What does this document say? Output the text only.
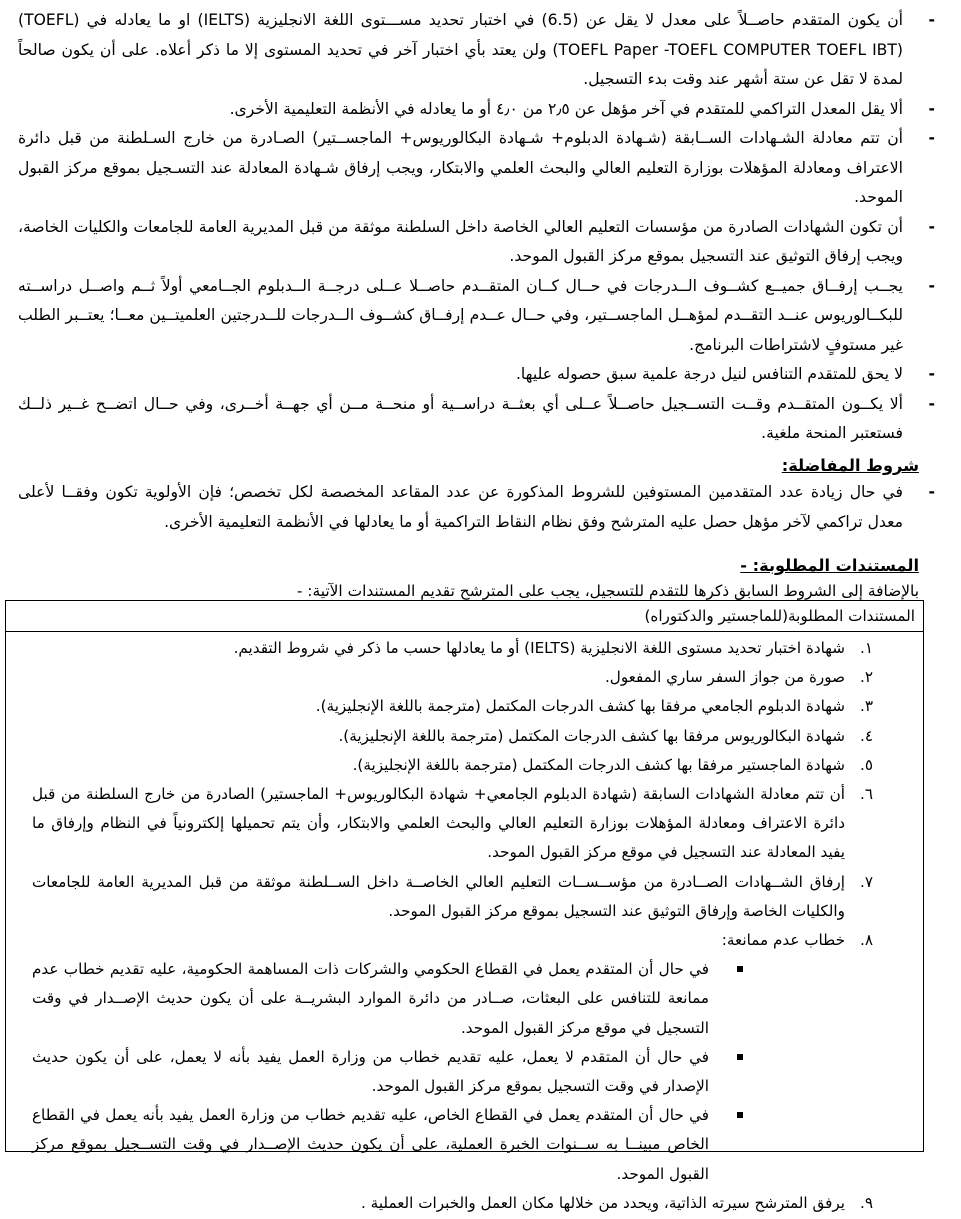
-
أن يكون المتقدم حاصــلاً على معدل لا يقل عن (6.5) في اختبار تحديد مســـتوى اللغة الانجليزية (IELTS) او ما يعادله في (TOEFL) (TOEFL Paper -TOEFL COMPUTER TOEFL IBT) ولن يعتد بأي اختبار آخر في تحديد المستوى إلا ما ذكر أعلاه. على أن يكون صالحاً لمدة لا تقل عن ستة أشهر عند وقت بدء التسجيل.
-
ألا يقل المعدل التراكمي للمتقدم في آخر مؤهل عن ٢٫٥ من ٤٫٠ أو ما يعادله في الأنظمة التعليمية الأخرى.
-
أن تتم معادلة الشـهادات الســابقة (شـهادة الدبلوم+ شـهادة البكالوريوس+ الماجســتير) الصـادرة من خارج السـلطنة من قبل دائرة الاعتراف ومعادلة المؤهلات بوزارة التعليم العالي والبحث العلمي والابتكار، ويجب إرفاق شـهادة المعادلة عند التسـجيل بموقع مركز القبول الموحد.
-
أن تكون الشهادات الصادرة من مؤسسات التعليم العالي الخاصة داخل السلطنة موثقة من قبل المديرية العامة للجامعات والكليات الخاصة، ويجب إرفاق التوثيق عند التسجيل بموقع مركز القبول الموحد.
-
يجــب إرفــاق جميــع كشــوف الــدرجات في حــال كــان المتقــدم حاصــلا عــلى درجــة الــدبلوم الجــامعي أولاً ثــم واصــل دراســته للبكــالوريوس عنــد التقــدم لمؤهــل الماجســتير، وفي حــال عــدم إرفــاق كشــوف الــدرجات للــدرجتين العلميتــين معــا؛ يعتــبر الطلب غير مستوفٍ لاشتراطات البرنامج.
-
لا يحق للمتقدم التنافس لنيل درجة علمية سبق حصوله عليها.
-
ألا يكــون المتقــدم وقــت التســجيل حاصــلاً عــلى أي بعثــة دراســية أو منحــة مــن أي جهــة أخــرى، وفي حــال اتضــح غــير ذلــك فستعتبر المنحة ملغية.
شروط المفاضلة:
-
في حال زيادة عدد المتقدمين المستوفين للشروط المذكورة عن عدد المقاعد المخصصة لكل تخصص؛ فإن الأولوية تكون وفقــا لأعلى معدل تراكمي لآخر مؤهل حصل عليه المترشح وفق نظام النقاط التراكمية أو ما يعادلها في الأنظمة التعليمية الأخرى.
المستندات المطلوبة: -

بالإضافة إلى الشروط السابق ذكرها للتقدم للتسجيل، يجب على المترشح تقديم المستندات الآتية: -

المستندات المطلوبة(للماجستير والدكتوراه)
١.
شهادة اختبار تحديد مستوى اللغة الانجليزية (IELTS) أو ما يعادلها حسب ما ذكر في شروط التقديم.
٢.
صورة من جواز السفر ساري المفعول.
٣.
شهادة الدبلوم الجامعي مرفقا بها كشف الدرجات المكتمل (مترجمة باللغة الإنجليزية).
٤.
شهادة البكالوريوس مرفقا بها كشف الدرجات المكتمل (مترجمة باللغة الإنجليزية).
٥.
شهادة الماجستير مرفقا بها كشف الدرجات المكتمل (مترجمة باللغة الإنجليزية).
٦.
أن تتم معادلة الشهادات السابقة (شهادة الدبلوم الجامعي+ شهادة البكالوريوس+ الماجستير) الصادرة من خارج السلطنة من قبل دائرة الاعتراف ومعادلة المؤهلات بوزارة التعليم العالي والبحث العلمي والابتكار، وأن يتم تحميلها إلكترونياً في النظام وإرفاق ما يفيد المعادلة عند التسجيل في موقع مركز القبول الموحد.
٧.
إرفاق الشــهادات الصــادرة من مؤســســات التعليم العالي الخاصــة داخل الســلطنة موثقة من قبل المديرية العامة للجامعات والكليات الخاصة وإرفاق التوثيق عند التسجيل بموقع مركز القبول الموحد.
٨.
خطاب عدم ممانعة:
في حال أن المتقدم يعمل في القطاع الحكومي والشركات ذات المساهمة الحكومية، عليه تقديم خطاب عدم ممانعة للتنافس على البعثات، صــادر من دائرة الموارد البشريــة على أن يكون حديث الإصــدار في وقت التسجيل في موقع مركز القبول الموحد.
في حال أن المتقدم لا يعمل، عليه تقديم خطاب من وزارة العمل يفيد بأنه لا يعمل، على أن يكون حديث الإصدار في وقت التسجيل بموقع مركز القبول الموحد.
في حال أن المتقدم يعمل في القطاع الخاص، عليه تقديم خطاب من وزارة العمل يفيد بأنه يعمل في القطاع الخاص مبينــا به ســنوات الخبرة العملية، على أن يكون حديث الإصــدار في وقت التســجيل بموقع مركز القبول الموحد.
٩.
يرفق المترشح سيرته الذاتية، ويحدد من خلالها مكان العمل والخبرات العملية .
